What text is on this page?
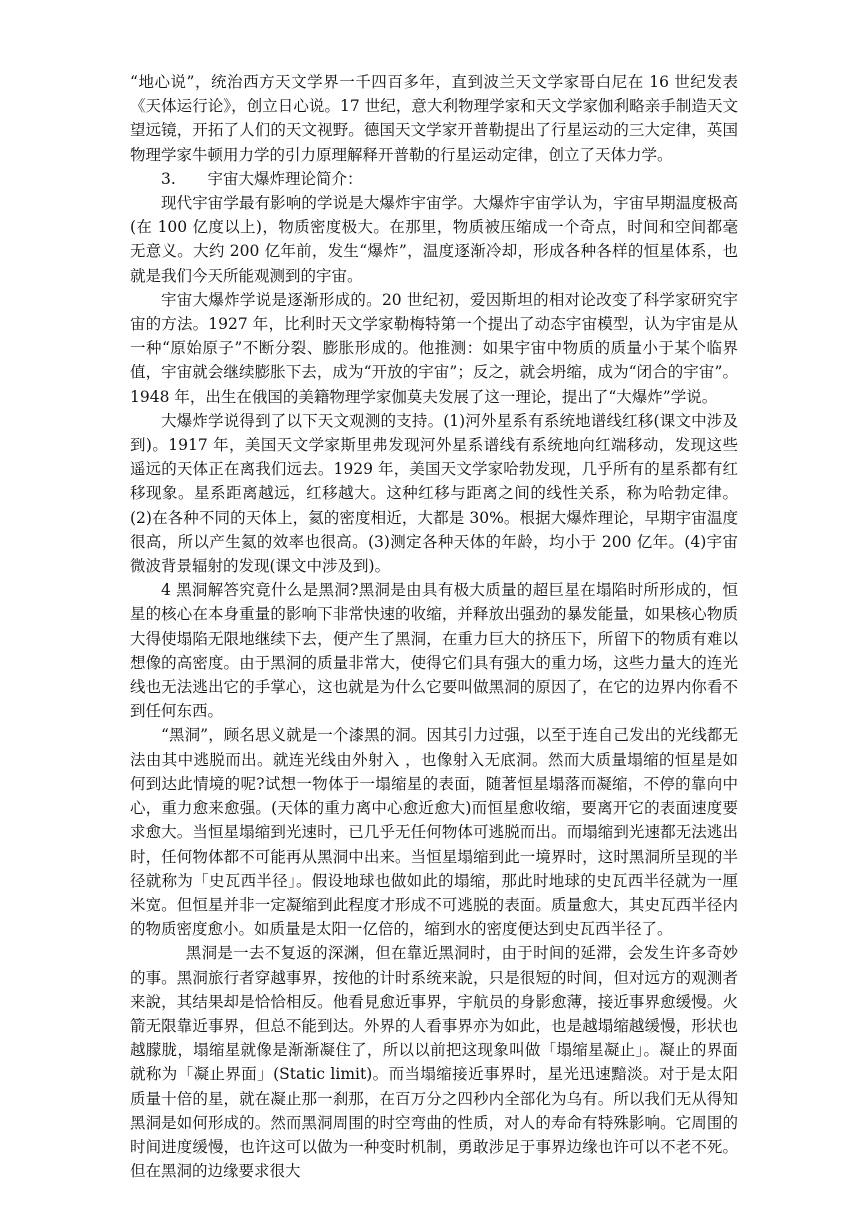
“地心说”，统治西方天文学界一千四百多年，直到波兰天文学家哥白尼在 16 世纪发表《天体运行论》，创立日心说。17 世纪，意大利物理学家和天文学家伽利略亲手制造天文望远镜，开拓了人们的天文视野。德国天文学家开普勒提出了行星运动的三大定律，英国物理学家牛顿用力学的引力原理解释开普勒的行星运动定律，创立了天体力学。

3. 宇宙大爆炸理论简介：

现代宇宙学最有影响的学说是大爆炸宇宙学。大爆炸宇宙学认为，宇宙早期温度极高(在 100 亿度以上)，物质密度极大。在那里，物质被压缩成一个奇点，时间和空间都毫无意义。大约 200 亿年前，发生“爆炸”，温度逐渐冷却，形成各种各样的恒星体系，也就是我们今天所能观测到的宇宙。

宇宙大爆炸学说是逐渐形成的。20 世纪初，爱因斯坦的相对论改变了科学家研究宇宙的方法。1927 年，比利时天文学家勒梅特第一个提出了动态宇宙模型，认为宇宙是从一种“原始原子”不断分裂、膨胀形成的。他推测：如果宇宙中物质的质量小于某个临界值，宇宙就会继续膨胀下去，成为“开放的宇宙”；反之，就会坍缩，成为“闭合的宇宙”。1948 年，出生在俄国的美籍物理学家伽莫夫发展了这一理论，提出了“大爆炸”学说。

大爆炸学说得到了以下天文观测的支持。(1)河外星系有系统地谱线红移(课文中涉及到)。1917 年，美国天文学家斯里弗发现河外星系谱线有系统地向红端移动，发现这些遥远的天体正在离我们远去。1929 年，美国天文学家哈勃发现，几乎所有的星系都有红移现象。星系距离越远，红移越大。这种红移与距离之间的线性关系，称为哈勃定律。(2)在各种不同的天体上，氦的密度相近，大都是 30%。根据大爆炸理论，早期宇宙温度很高，所以产生氦的效率也很高。(3)测定各种天体的年龄，均小于 200 亿年。(4)宇宙微波背景辐射的发现(课文中涉及到)。

4 黑洞解答究竟什么是黑洞?黑洞是由具有极大质量的超巨星在塌陷时所形成的，恒星的核心在本身重量的影响下非常快速的收缩，并释放出强劲的暴发能量，如果核心物质大得使塌陷无限地继续下去，便产生了黑洞，在重力巨大的挤压下，所留下的物质有难以想像的高密度。由于黑洞的质量非常大，使得它们具有强大的重力场，这些力量大的连光线也无法逃出它的手掌心，这也就是为什么它要叫做黑洞的原因了，在它的边界内你看不到任何东西。

“黑洞”，顾名思义就是一个漆黑的洞。因其引力过强，以至于连自己发出的光线都无法由其中逃脱而出。就连光线由外射入 ，也像射入无底洞。然而大质量塌缩的恒星是如何到达此情境的呢?试想一物体于一塌缩星的表面，随著恒星塌落而凝缩，不停的靠向中心，重力愈来愈强。(天体的重力离中心愈近愈大)而恒星愈收缩，要离开它的表面速度要求愈大。当恒星塌缩到光速时，已几乎无任何物体可逃脱而出。而塌缩到光速都无法逃出时，任何物体都不可能再从黑洞中出来。当恒星塌缩到此一境界时，这时黑洞所呈现的半径就称为「史瓦西半径」。假设地球也做如此的塌缩，那此时地球的史瓦西半径就为一厘米宽。但恒星并非一定凝缩到此程度才形成不可逃脱的表面。质量愈大，其史瓦西半径内的物质密度愈小。如质量是太阳一亿倍的，缩到水的密度便达到史瓦西半径了。

黑洞是一去不复返的深渊，但在靠近黑洞时，由于时间的延滞，会发生许多奇妙的事。黑洞旅行者穿越事界，按他的计时系统来說，只是很短的时间，但对远方的观测者来說，其结果却是恰恰相反。他看見愈近事界，宇航员的身影愈薄，接近事界愈缓慢。火箭无限靠近事界，但总不能到达。外界的人看事界亦为如此，也是越塌缩越缓慢，形状也越朦胧，塌缩星就像是渐渐凝住了，所以以前把这现象叫做「塌缩星凝止」。凝止的界面就称为「凝止界面」(Static limit)。而当塌缩接近事界时，星光迅速黯淡。对于是太阳质量十倍的星，就在凝止那一刹那，在百万分之四秒内全部化为乌有。所以我们无从得知黑洞是如何形成的。然而黑洞周围的时空弯曲的性质，对人的寿命有特殊影响。它周围的时间进度缓慢，也许这可以做为一种变时机制，勇敢涉足于事界边缘也许可以不老不死。但在黑洞的边缘要求很大
